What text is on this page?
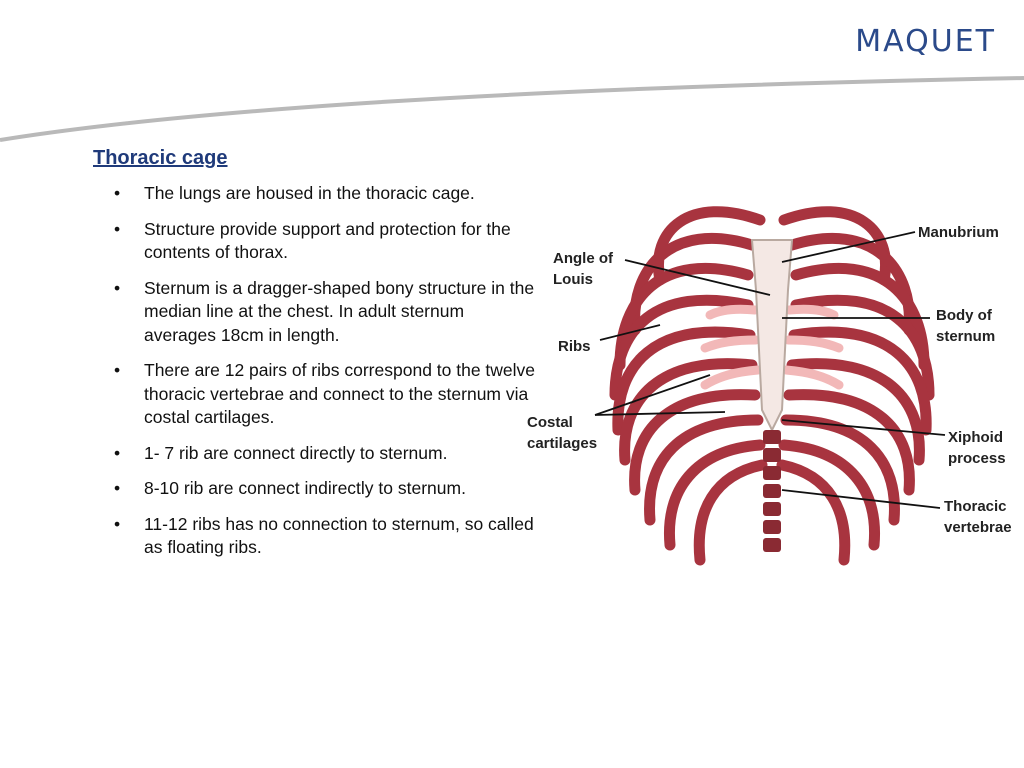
MAQUET
Thoracic cage
• The lungs are housed in the thoracic cage.
• Structure provide support and protection for the contents of thorax.
• Sternum is a dragger-shaped bony structure in the median line at the chest. In adult sternum averages 18cm in length.
• There are 12 pairs of ribs correspond to the twelve thoracic vertebrae and connect to the sternum via costal cartilages.
• 1- 7 rib are connect directly to sternum.
• 8-10 rib are connect indirectly to sternum.
• 11-12 ribs has no connection to sternum, so called as floating ribs.
Manubrium
Angle of
Louis
Body of
sternum
Ribs
Costal
cartilages	Xiphoid
process
Thoracic
vertebrae
